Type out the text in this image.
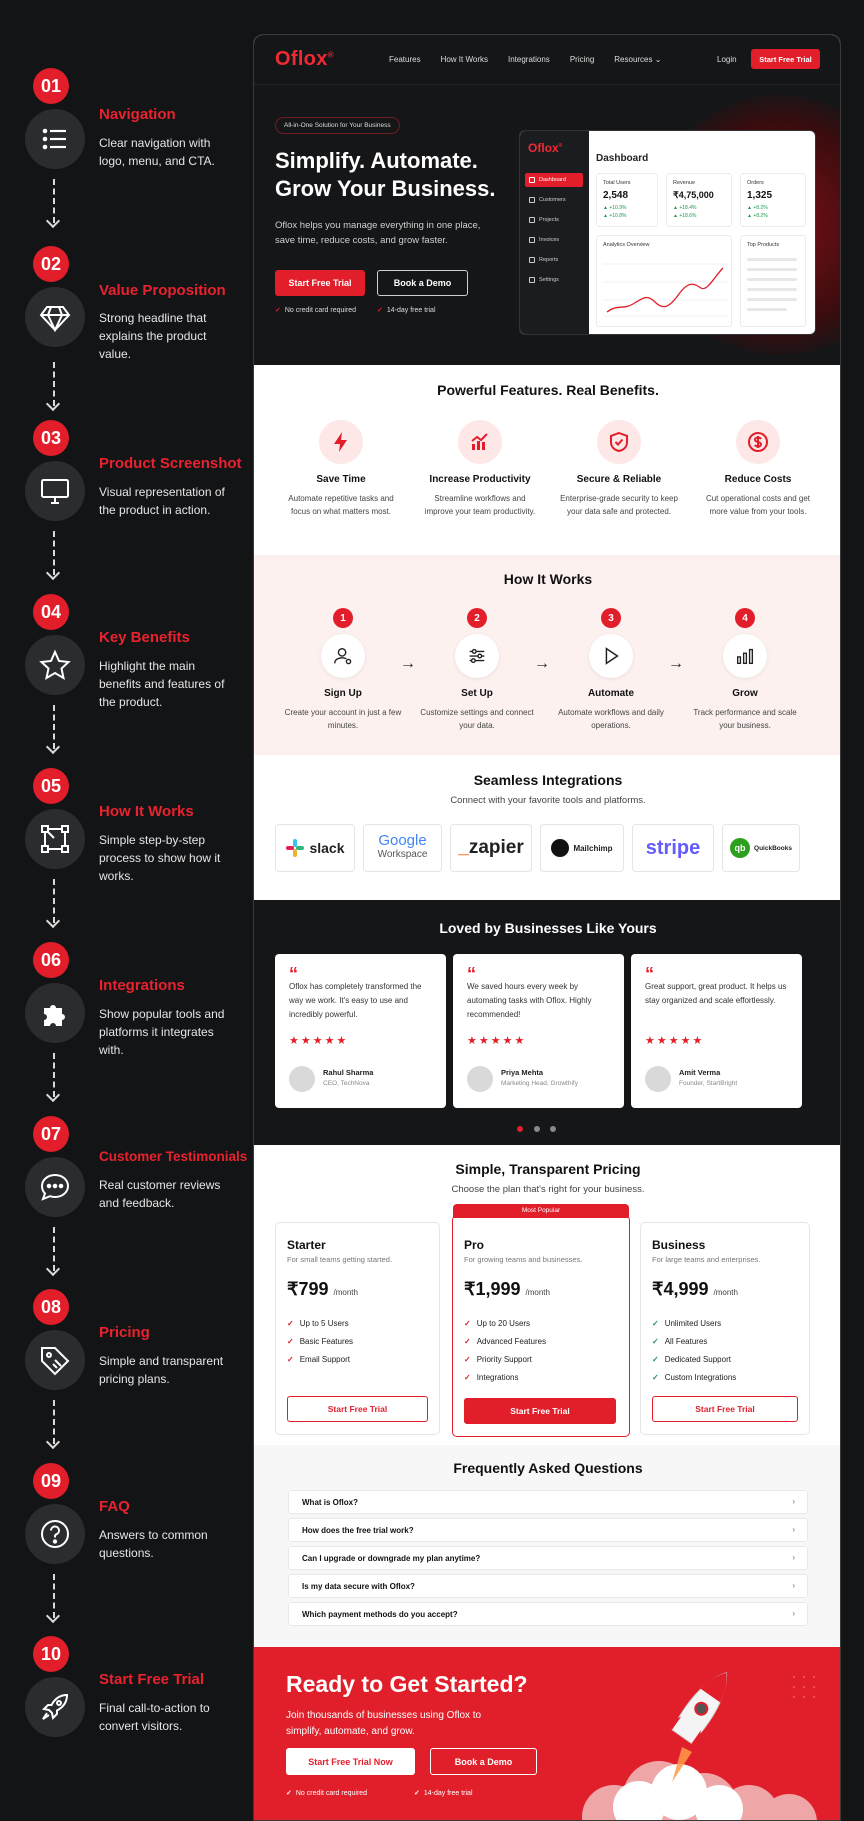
01
Navigation
Clear navigation with logo, menu, and CTA.
02
Value Proposition
Strong headline that explains the product value.
03
Product Screenshot
Visual representation of the product in action.
04
Key Benefits
Highlight the main benefits and features of the product.
05
How It Works
Simple step-by-step process to show how it works.
06
Integrations
Show popular tools and platforms it integrates with.
07
Customer Testimonials
Real customer reviews and feedback.
08
Pricing
Simple and transparent pricing plans.
09
FAQ
Answers to common questions.
10
Start Free Trial
Final call-to-action to convert visitors.
Oflox®
Features	How It Works	Integrations	Pricing	Resources ⌄	Login	Start Free Trial
All-in-One Solution for Your Business
Simplify. Automate. Grow Your Business.
Oflox helps you manage everything in one place, save time, reduce costs, and grow faster.
Start Free Trial	Book a Demo
✓ No credit card required	✓ 14-day free trial
Oflox®
Dashboard
Customers
Projects
Invoices
Reports
Settings
Dashboard
Total Users
2,548
▲ +10.9%
▲ +10.8%
Revenue
₹4,75,000
▲ +18.4%
▲ +18.6%
Orders
1,325
▲ +8.2%
▲ +8.2%
Analytics Overview	Top Products
Powerful Features. Real Benefits.
Save Time
Automate repetitive tasks and focus on what matters most.
Increase Productivity
Streamline workflows and improve your team productivity.
Secure & Reliable
Enterprise-grade security to keep your data safe and protected.
Reduce Costs
Cut operational costs and get more value from your tools.
How It Works
1
Sign Up
Create your account in just a few minutes.
→
2
Set Up
Customize settings and connect your data.
→
3
Automate
Automate workflows and daily operations.
→
4
Grow
Track performance and scale your business.
Seamless Integrations
Connect with your favorite tools and platforms.
slack Google
Workspace _ zapier	Mailchimp stripe	qb	QuickBooks
Loved by Businesses Like Yours
“
Oflox has completely transformed the way we work. It's easy to use and incredibly powerful.
★★★★★
Rahul Sharma
CEO, TechNova
“
We saved hours every week by automating tasks with Oflox. Highly recommended!
★★★★★
Priya Mehta
Marketing Head, Growthify
“
Great support, great product. It helps us stay organized and scale effortlessly.
★★★★★
Amit Verma
Founder, StartBright
Simple, Transparent Pricing
Choose the plan that's right for your business.
Starter
For small teams getting started.
₹799 /month
✓ Up to 5 Users
✓ Basic Features
✓ Email Support
Start Free Trial
Most Popular
Pro
For growing teams and businesses.
₹1,999 /month
✓ Up to 20 Users
✓ Advanced Features
✓ Priority Support
✓ Integrations
Start Free Trial
Business
For large teams and enterprises.
₹4,999 /month
✓ Unlimited Users
✓ All Features
✓ Dedicated Support
✓ Custom Integrations
Start Free Trial
Frequently Asked Questions
What is Oflox?	›
How does the free trial work?	›
Can I upgrade or downgrade my plan anytime?	›
Is my data secure with Oflox?	›
Which payment methods do you accept?	›
Ready to Get Started?
Join thousands of businesses using Oflox to simplify, automate, and grow.
Start Free Trial Now	Book a Demo
✓ No credit card required	✓ 14-day free trial
